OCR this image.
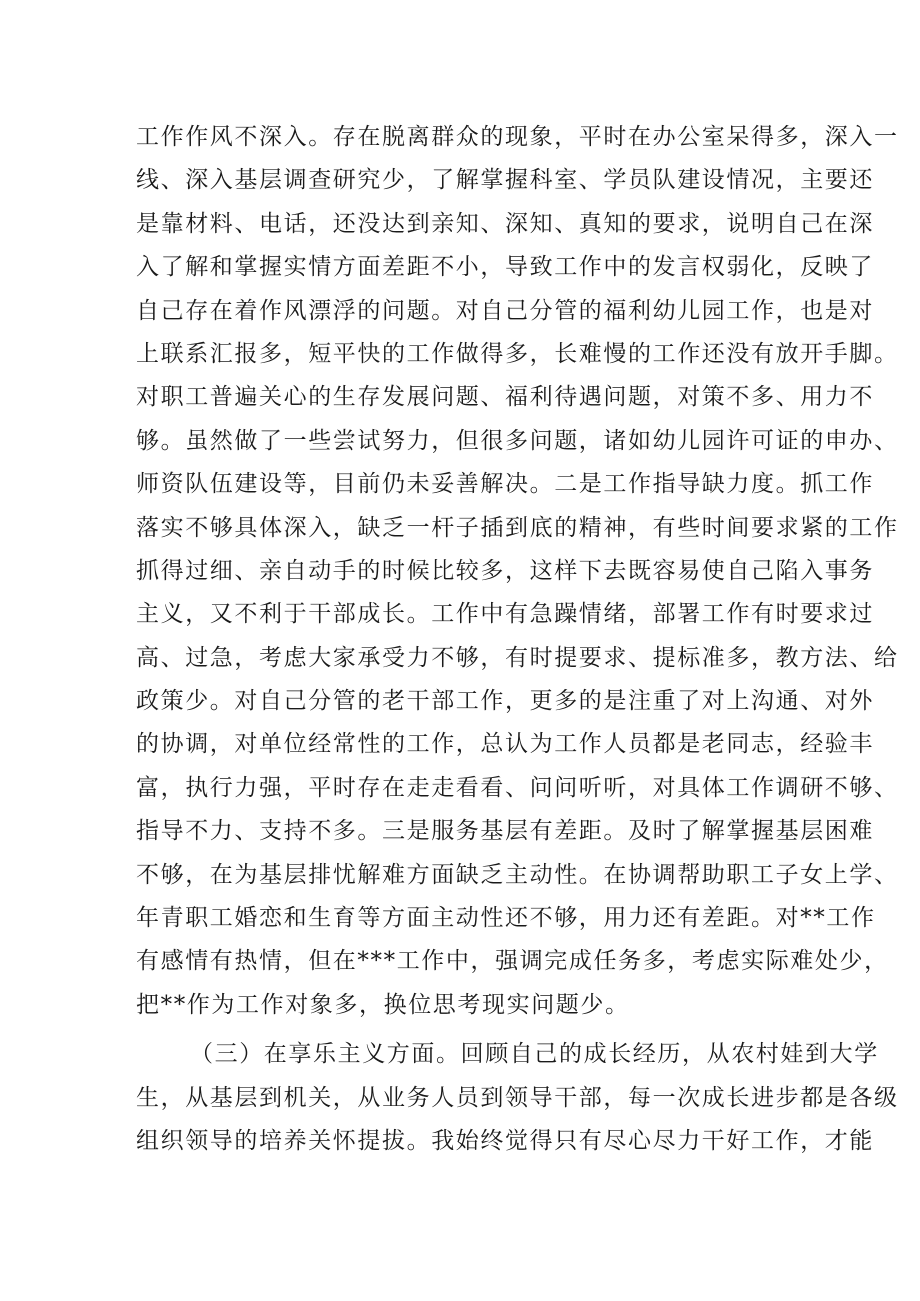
工作作风不深入。存在脱离群众的现象，平时在办公室呆得多，深入一
线、深入基层调查研究少，了解掌握科室、学员队建设情况，主要还
是靠材料、电话，还没达到亲知、深知、真知的要求，说明自己在深
入了解和掌握实情方面差距不小，导致工作中的发言权弱化，反映了
自己存在着作风漂浮的问题。对自己分管的福利幼儿园工作，也是对
上联系汇报多，短平快的工作做得多，长难慢的工作还没有放开手脚。
对职工普遍关心的生存发展问题、福利待遇问题，对策不多、用力不
够。虽然做了一些尝试努力，但很多问题，诸如幼儿园许可证的申办、
师资队伍建设等，目前仍未妥善解决。二是工作指导缺力度。抓工作
落实不够具体深入，缺乏一杆子插到底的精神，有些时间要求紧的工作
抓得过细、亲自动手的时候比较多，这样下去既容易使自己陷入事务
主义，又不利于干部成长。工作中有急躁情绪，部署工作有时要求过
高、过急，考虑大家承受力不够，有时提要求、提标准多，教方法、给
政策少。对自己分管的老干部工作，更多的是注重了对上沟通、对外
的协调，对单位经常性的工作，总认为工作人员都是老同志，经验丰
富，执行力强，平时存在走走看看、问问听听，对具体工作调研不够、
指导不力、支持不多。三是服务基层有差距。及时了解掌握基层困难
不够，在为基层排忧解难方面缺乏主动性。在协调帮助职工子女上学、
年青职工婚恋和生育等方面主动性还不够，用力还有差距。对**工作
有感情有热情，但在***工作中，强调完成任务多，考虑实际难处少，
把**作为工作对象多，换位思考现实问题少。
（三）在享乐主义方面。回顾自己的成长经历，从农村娃到大学
生，从基层到机关，从业务人员到领导干部，每一次成长进步都是各级
组织领导的培养关怀提拔。我始终觉得只有尽心尽力干好工作，才能
